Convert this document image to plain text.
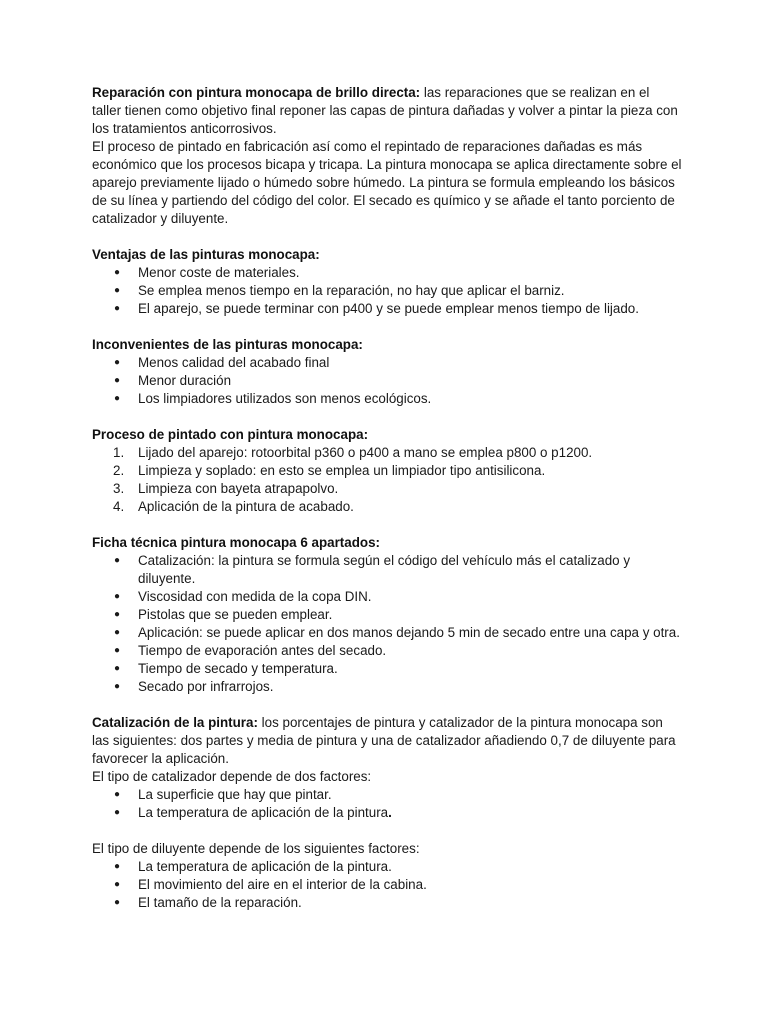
Reparación con pintura monocapa de brillo directa: las reparaciones que se realizan en el taller tienen como objetivo final reponer las capas de pintura dañadas y volver a pintar la pieza con los tratamientos anticorrosivos.

El proceso de pintado en fabricación así como el repintado de reparaciones dañadas es más económico que los procesos bicapa y tricapa. La pintura monocapa se aplica directamente sobre el aparejo previamente lijado o húmedo sobre húmedo. La pintura se formula empleando los básicos de su línea y partiendo del código del color. El secado es químico y se añade el tanto porciento de catalizador y diluyente.

Ventajas de las pinturas monocapa:

●	Menor coste de materiales.
●	Se emplea menos tiempo en la reparación, no hay que aplicar el barniz.
●	El aparejo, se puede terminar con p400 y se puede emplear menos tiempo de lijado.

Inconvenientes de las pinturas monocapa:

●	Menos calidad del acabado final
●	Menor duración
●	Los limpiadores utilizados son menos ecológicos.

Proceso de pintado con pintura monocapa:

1.	Lijado del aparejo: rotoorbital p360 o p400 a mano se emplea p800 o p1200.
2.	Limpieza y soplado: en esto se emplea un limpiador tipo antisilicona.
3.	Limpieza con bayeta atrapapolvo.
4.	Aplicación de la pintura de acabado.

Ficha técnica pintura monocapa 6 apartados:

●	Catalización: la pintura se formula según el código del vehículo más el catalizado y diluyente.
●	Viscosidad con medida de la copa DIN.
●	Pistolas que se pueden emplear.
●	Aplicación: se puede aplicar en dos manos dejando 5 min de secado entre una capa y otra.
●	Tiempo de evaporación antes del secado.
●	Tiempo de secado y temperatura.
●	Secado por infrarrojos.

Catalización de la pintura: los porcentajes de pintura y catalizador de la pintura monocapa son las siguientes: dos partes y media de pintura y una de catalizador añadiendo 0,7 de diluyente para favorecer la aplicación.

El tipo de catalizador depende de dos factores:

●	La superficie que hay que pintar.
●	La temperatura de aplicación de la pintura.

El tipo de diluyente depende de los siguientes factores:

●	La temperatura de aplicación de la pintura.
●	El movimiento del aire en el interior de la cabina.
●	El tamaño de la reparación.
